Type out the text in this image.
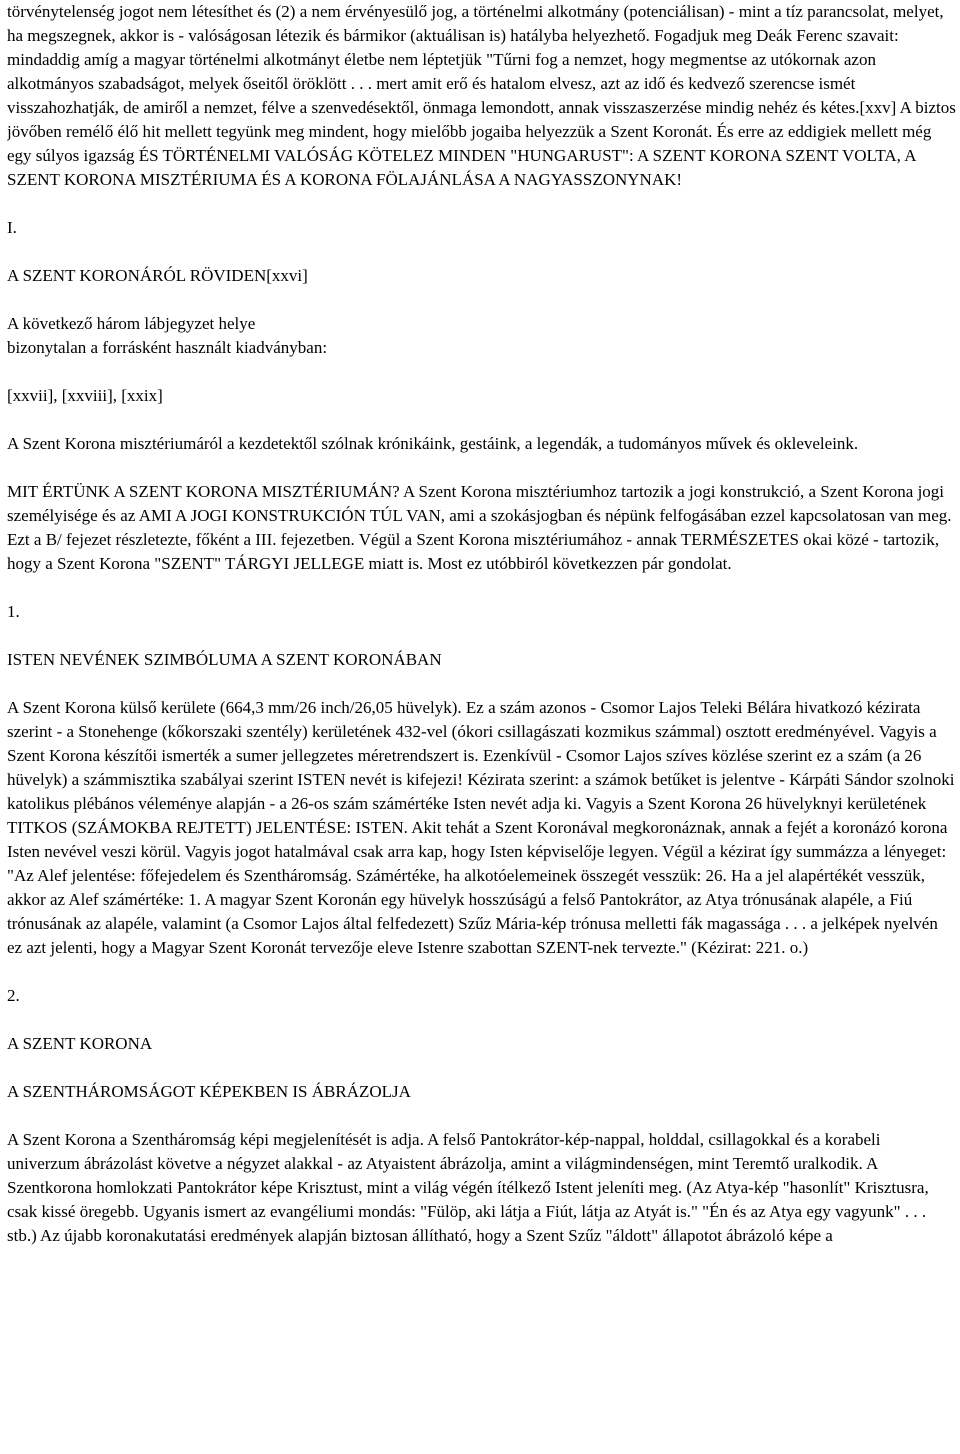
törvénytelenség jogot nem létesíthet és (2) a nem érvényesülő jog, a történelmi alkotmány (potenciálisan) - mint a tíz parancsolat, melyet, ha megszegnek, akkor is - valóságosan létezik és bármikor (aktuálisan is) hatályba helyezhető. Fogadjuk meg Deák Ferenc szavait: mindaddig amíg a magyar történelmi alkotmányt életbe nem léptetjük "Tűrni fog a nemzet, hogy megmentse az utókornak azon alkotmányos szabadságot, melyek őseitől öröklött . . . mert amit erő és hatalom elvesz, azt az idő és kedvező szerencse ismét visszahozhatják, de amiről a nemzet, félve a szenvedésektől, önmaga lemondott, annak visszaszerzése mindig nehéz és kétes.[xxv] A biztos jövőben remélő élő hit mellett tegyünk meg mindent, hogy mielőbb jogaiba helyezzük a Szent Koronát. És erre az eddigiek mellett még egy súlyos igazság ÉS TÖRTÉNELMI VALÓSÁG KÖTELEZ MINDEN "HUNGARUST": A SZENT KORONA SZENT VOLTA, A SZENT KORONA MISZTÉRIUMA ÉS A KORONA FÖLAJÁNLÁSA A NAGYASSZONYNAK!

I.

A SZENT KORONÁRÓL RÖVIDEN[xxvi]

A következő három lábjegyzet helye

bizonytalan a forrásként használt kiadványban:

[xxvii], [xxviii], [xxix]

A Szent Korona misztériumáról a kezdetektől szólnak krónikáink, gestáink, a legendák, a tudományos művek és okleveleink.

MIT ÉRTÜNK A SZENT KORONA MISZTÉRIUMÁN? A Szent Korona misztériumhoz tartozik a jogi konstrukció, a Szent Korona jogi személyisége és az AMI A JOGI KONSTRUKCIÓN TÚL VAN, ami a szokásjogban és népünk felfogásában ezzel kapcsolatosan van meg. Ezt a B/ fejezet részletezte, főként a III. fejezetben. Végül a Szent Korona misztériumához - annak TERMÉSZETES okai közé - tartozik, hogy a Szent Korona "SZENT" TÁRGYI JELLEGE miatt is. Most ez utóbbiról következzen pár gondolat.

1.

ISTEN NEVÉNEK SZIMBÓLUMA A SZENT KORONÁBAN

A Szent Korona külső kerülete (664,3 mm/26 inch/26,05 hüvelyk). Ez a szám azonos - Csomor Lajos Teleki Bélára hivatkozó kézirata szerint - a Stonehenge (kőkorszaki szentély) kerületének 432-vel (ókori csillagászati kozmikus számmal) osztott eredményével. Vagyis a Szent Korona készítői ismerték a sumer jellegzetes méretrendszert is. Ezenkívül - Csomor Lajos szíves közlése szerint ez a szám (a 26 hüvelyk) a számmisztika szabályai szerint ISTEN nevét is kifejezi! Kézirata szerint: a számok betűket is jelentve - Kárpáti Sándor szolnoki katolikus plébános véleménye alapján - a 26-os szám számértéke Isten nevét adja ki. Vagyis a Szent Korona 26 hüvelyknyi kerületének TITKOS (SZÁMOKBA REJTETT) JELENTÉSE: ISTEN. Akit tehát a Szent Koronával megkoronáznak, annak a fejét a koronázó korona Isten nevével veszi körül. Vagyis jogot hatalmával csak arra kap, hogy Isten képviselője legyen. Végül a kézirat így summázza a lényeget: "Az Alef jelentése: főfejedelem és Szentháromság. Számértéke, ha alkotóelemeinek összegét vesszük: 26. Ha a jel alapértékét vesszük, akkor az Alef számértéke: 1. A magyar Szent Koronán egy hüvelyk hosszúságú a felső Pantokrátor, az Atya trónusának alapéle, a Fiú trónusának az alapéle, valamint (a Csomor Lajos által felfedezett) Szűz Mária-kép trónusa melletti fák magassága . . . a jelképek nyelvén ez azt jelenti, hogy a Magyar Szent Koronát tervezője eleve Istenre szabottan SZENT-nek tervezte." (Kézirat: 221. o.)

2.

A SZENT KORONA

A SZENTHÁROMSÁGOT KÉPEKBEN IS ÁBRÁZOLJA

A Szent Korona a Szentháromság képi megjelenítését is adja. A felső Pantokrátor-kép-nappal, holddal, csillagokkal és a korabeli univerzum ábrázolást követve a négyzet alakkal - az Atyaistent ábrázolja, amint a világmindenségen, mint Teremtő uralkodik. A Szentkorona homlokzati Pantokrátor képe Krisztust, mint a világ végén ítélkező Istent jeleníti meg. (Az Atya-kép "hasonlít" Krisztusra, csak kissé öregebb. Ugyanis ismert az evangéliumi mondás: "Fülöp, aki látja a Fiút, látja az Atyát is." "Én és az Atya egy vagyunk" . . . stb.) Az újabb koronakutatási eredmények alapján biztosan állítható, hogy a Szent Szűz "áldott" állapotot ábrázoló képe a
